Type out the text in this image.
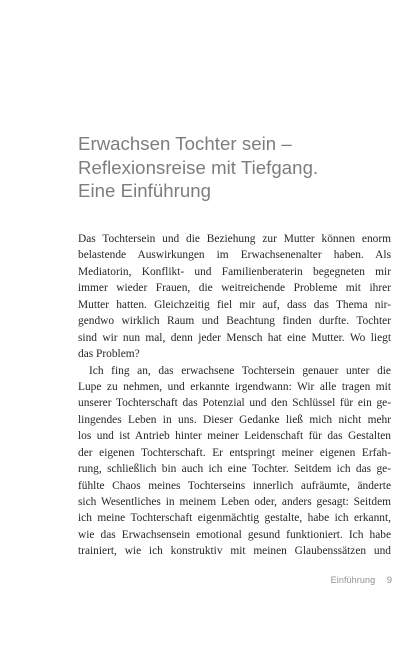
Erwachsen Tochter sein –
Reflexionsreise mit Tiefgang.
Eine Einführung
Das Tochtersein und die Beziehung zur Mutter können enorm
belastende Auswirkungen im Erwachsenenalter haben. Als
Mediatorin, Konflikt- und Familienberaterin begegneten mir
immer wieder Frauen, die weitreichende Probleme mit ihrer
Mutter hatten. Gleichzeitig fiel mir auf, dass das Thema nir-
gendwo wirklich Raum und Beachtung finden durfte. Tochter
sind wir nun mal, denn jeder Mensch hat eine Mutter. Wo liegt
das Problem?
Ich fing an, das erwachsene Tochtersein genauer unter die
Lupe zu nehmen, und erkannte irgendwann: Wir alle tragen mit
unserer Tochterschaft das Potenzial und den Schlüssel für ein ge-
lingendes Leben in uns. Dieser Gedanke ließ mich nicht mehr
los und ist Antrieb hinter meiner Leidenschaft für das Gestalten
der eigenen Tochterschaft. Er entspringt meiner eigenen Erfah-
rung, schließlich bin auch ich eine Tochter. Seitdem ich das ge-
fühlte Chaos meines Tochterseins innerlich aufräumte, änderte
sich Wesentliches in meinem Leben oder, anders gesagt: Seitdem
ich meine Tochterschaft eigenmächtig gestalte, habe ich erkannt,
wie das Erwachsensein emotional gesund funktioniert. Ich habe
trainiert, wie ich konstruktiv mit meinen Glaubenssätzen und
Einführung 9
